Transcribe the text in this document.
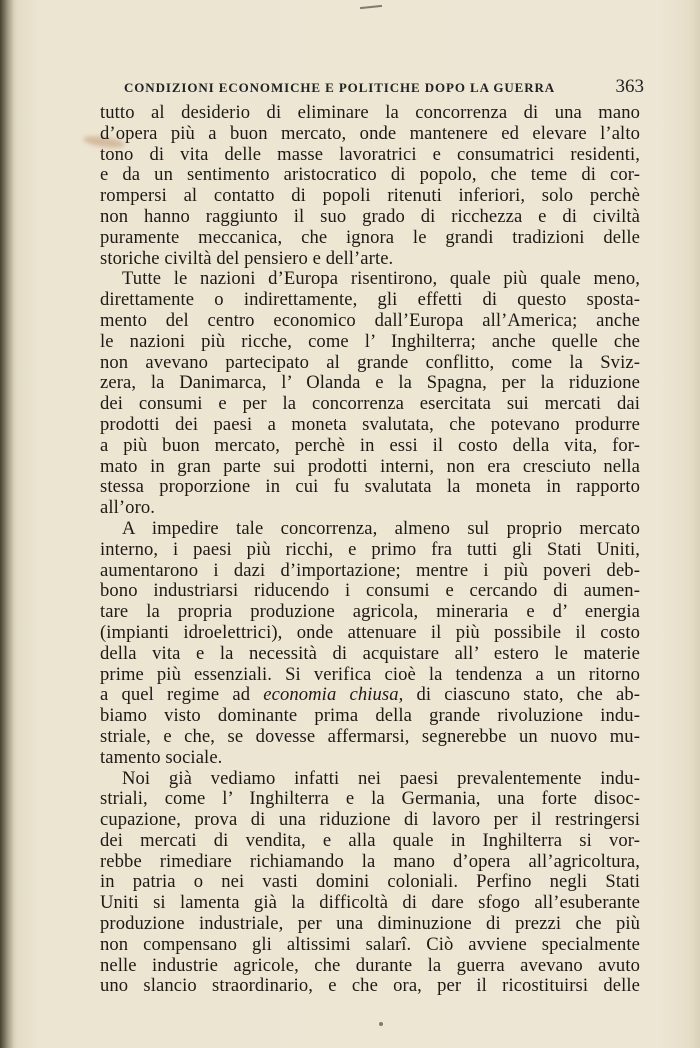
CONDIZIONI ECONOMICHE E POLITICHE DOPO LA GUERRA	363
tutto al desiderio di eliminare la concorrenza di una mano
d’opera più a buon mercato, onde mantenere ed elevare l’alto
tono di vita delle masse lavoratrici e consumatrici residenti,
e da un sentimento aristocratico di popolo, che teme di cor-
rompersi al contatto di popoli ritenuti inferiori, solo perchè
non hanno raggiunto il suo grado di ricchezza e di civiltà
puramente meccanica, che ignora le grandi tradizioni delle
storiche civiltà del pensiero e dell’arte.
Tutte le nazioni d’Europa risentirono, quale più quale meno,
direttamente o indirettamente, gli effetti di questo sposta-
mento del centro economico dall’Europa all’America; anche
le nazioni più ricche, come l’ Inghilterra; anche quelle che
non avevano partecipato al grande conflitto, come la Sviz-
zera, la Danimarca, l’ Olanda e la Spagna, per la riduzione
dei consumi e per la concorrenza esercitata sui mercati dai
prodotti dei paesi a moneta svalutata, che potevano produrre
a più buon mercato, perchè in essi il costo della vita, for-
mato in gran parte sui prodotti interni, non era cresciuto nella
stessa proporzione in cui fu svalutata la moneta in rapporto
all’oro.
A impedire tale concorrenza, almeno sul proprio mercato
interno, i paesi più ricchi, e primo fra tutti gli Stati Uniti,
aumentarono i dazi d’importazione; mentre i più poveri deb-
bono industriarsi riducendo i consumi e cercando di aumen-
tare la propria produzione agricola, mineraria e d’ energia
(impianti idroelettrici), onde attenuare il più possibile il costo
della vita e la necessità di acquistare all’ estero le materie
prime più essenziali. Si verifica cioè la tendenza a un ritorno
a quel regime ad economia chiusa, di ciascuno stato, che ab-
biamo visto dominante prima della grande rivoluzione indu-
striale, e che, se dovesse affermarsi, segnerebbe un nuovo mu-
tamento sociale.
Noi già vediamo infatti nei paesi prevalentemente indu-
striali, come l’ Inghilterra e la Germania, una forte disoc-
cupazione, prova di una riduzione di lavoro per il restringersi
dei mercati di vendita, e alla quale in Inghilterra si vor-
rebbe rimediare richiamando la mano d’opera all’agricoltura,
in patria o nei vasti domini coloniali. Perfino negli Stati
Uniti si lamenta già la difficoltà di dare sfogo all’esuberante
produzione industriale, per una diminuzione di prezzi che più
non compensano gli altissimi salarî. Ciò avviene specialmente
nelle industrie agricole, che durante la guerra avevano avuto
uno slancio straordinario, e che ora, per il ricostituirsi delle
